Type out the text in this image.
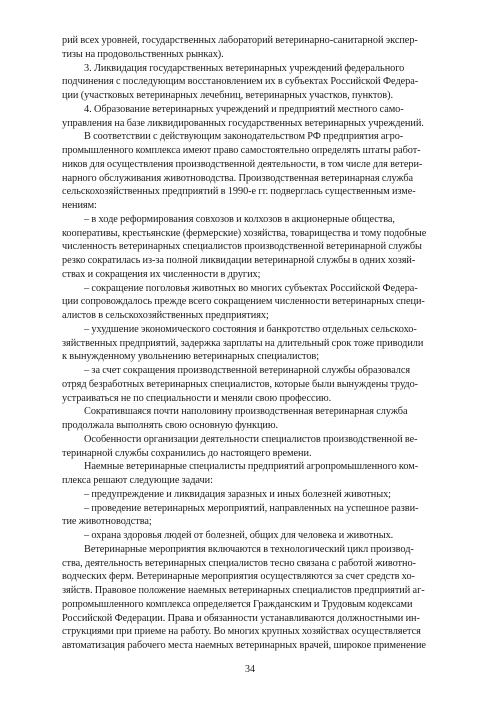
рий всех уровней, государственных лабораторий ветеринарно-санитарной экспер-
тизы на продовольственных рынках).

3. Ликвидация государственных ветеринарных учреждений федерального
подчинения с последующим восстановлением их в субъектах Российской Федера-
ции (участковых ветеринарных лечебниц, ветеринарных участков, пунктов).

4. Образование ветеринарных учреждений и предприятий местного само-
управления на базе ликвидированных государственных ветеринарных учреждений.

В соответствии с действующим законодательством РФ предприятия агро-
промышленного комплекса имеют право самостоятельно определять штаты работ-
ников для осуществления производственной деятельности, в том числе для ветери-
нарного обслуживания животноводства. Производственная ветеринарная служба
сельскохозяйственных предприятий в 1990-е гг. подверглась существенным изме-
нениям:

– в ходе реформирования совхозов и колхозов в акционерные общества,
кооперативы, крестьянские (фермерские) хозяйства, товарищества и тому подобные
численность ветеринарных специалистов производственной ветеринарной службы
резко сократилась из-за полной ликвидации ветеринарной службы в одних хозяй-
ствах и сокращения их численности в других;

– сокращение поголовья животных во многих субъектах Российской Федера-
ции сопровождалось прежде всего сокращением численности ветеринарных специ-
алистов в сельскохозяйственных предприятиях;

– ухудшение экономического состояния и банкротство отдельных сельскохо-
зяйственных предприятий, задержка зарплаты на длительный срок тоже приводили
к вынужденному увольнению ветеринарных специалистов;

– за счет сокращения производственной ветеринарной службы образовался
отряд безработных ветеринарных специалистов, которые были вынуждены трудо-
устраиваться не по специальности и меняли свою профессию.

Сократившаяся почти наполовину производственная ветеринарная служба
продолжала выполнять свою основную функцию.

Особенности организации деятельности специалистов производственной ве-
теринарной службы сохранились до настоящего времени.

Наемные ветеринарные специалисты предприятий агропромышленного ком-
плекса решают следующие задачи:

– предупреждение и ликвидация заразных и иных болезней животных;

– проведение ветеринарных мероприятий, направленных на успешное разви-
тие животноводства;

– охрана здоровья людей от болезней, общих для человека и животных.

Ветеринарные мероприятия включаются в технологический цикл производ-
ства, деятельность ветеринарных специалистов тесно связана с работой животно-
водческих ферм. Ветеринарные мероприятия осуществляются за счет средств хо-
зяйств. Правовое положение наемных ветеринарных специалистов предприятий аг-
ропромышленного комплекса определяется Гражданским и Трудовым кодексами
Российской Федерации. Права и обязанности устанавливаются должностными ин-
струкциями при приеме на работу. Во многих крупных хозяйствах осуществляется
автоматизация рабочего места наемных ветеринарных врачей, широкое применение

34
